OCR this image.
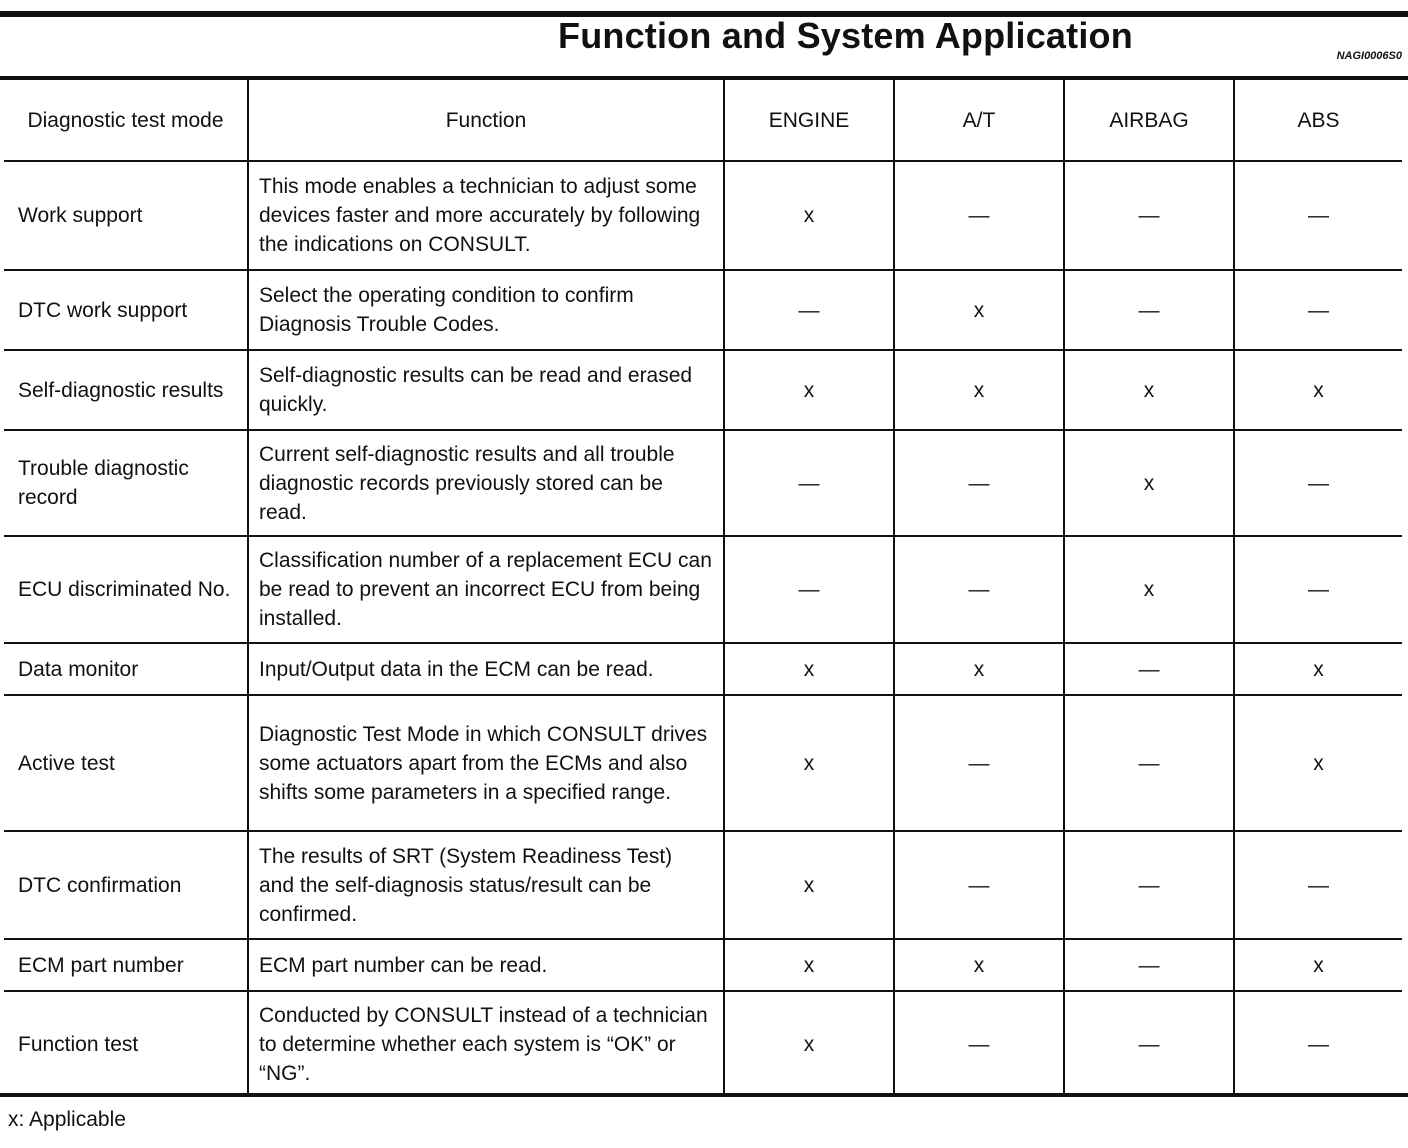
Function and System Application	NAGI0006S0
Diagnostic test mode	Function	ENGINE	A/T	AIRBAG	ABS
Work support	This mode enables a technician to adjust some devices faster and more accurately by following the indications on CONSULT.	x	—	—	—
DTC work support	Select the operating condition to confirm Diagnosis Trouble Codes.	—	x	—	—
Self-diagnostic results	Self-diagnostic results can be read and erased quickly.	x	x	x	x
Trouble diagnostic record	Current self-diagnostic results and all trouble diagnostic records previously stored can be read.	—	—	x	—
ECU discriminated No.	Classification number of a replacement ECU can be read to prevent an incorrect ECU from being installed.	—	—	x	—
Data monitor	Input/Output data in the ECM can be read.	x	x	—	x
Active test	Diagnostic Test Mode in which CONSULT drives some actuators apart from the ECMs and also shifts some parameters in a specified range.	x	—	—	x
DTC confirmation	The results of SRT (System Readiness Test) and the self-diagnosis status/result can be confirmed.	x	—	—	—
ECM part number	ECM part number can be read.	x	x	—	x
Function test	Conducted by CONSULT instead of a technician to determine whether each system is “OK” or “NG”.	x	—	—	—
x: Applicable
